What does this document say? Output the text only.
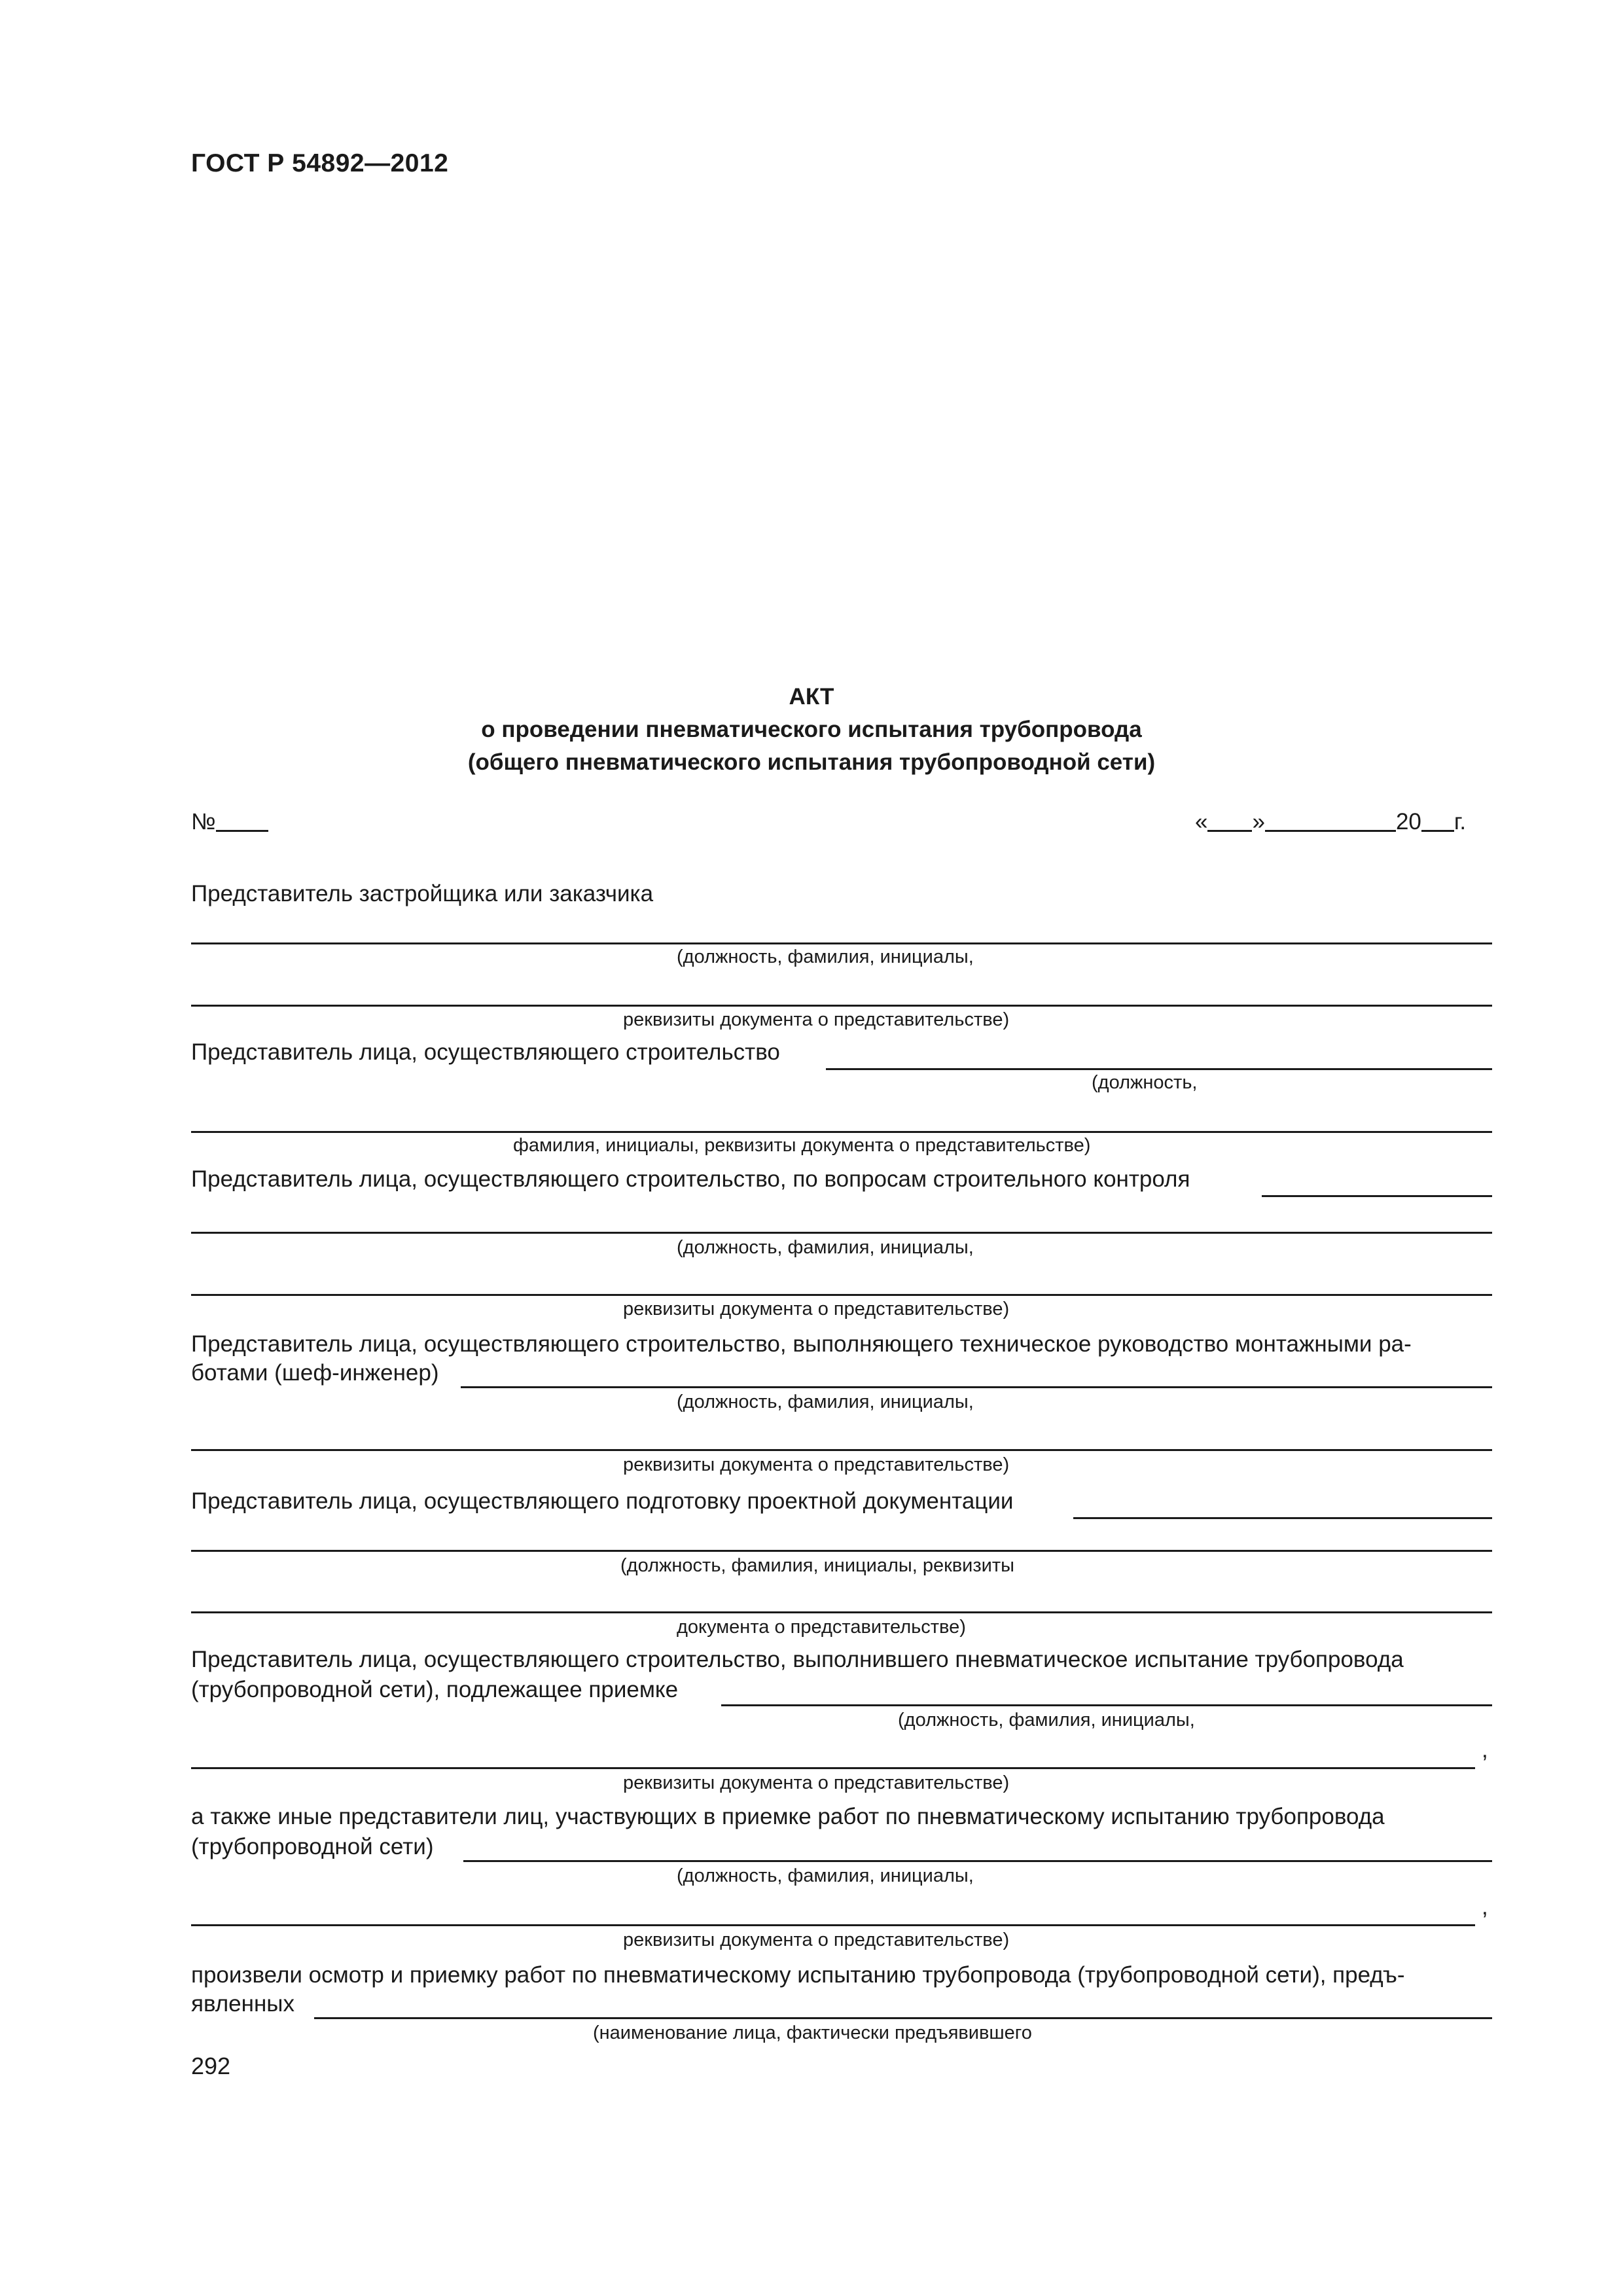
ГОСТ Р 54892—2012
АКТ
о проведении пневматического испытания трубопровода
(общего пневматического испытания трубопроводной сети)
№	« »	20 г.
Представитель застройщика или заказчика
(должность, фамилия, инициалы,
реквизиты документа о представительстве)
Представитель лица, осуществляющего строительство
(должность,
фамилия, инициалы, реквизиты документа о представительстве)
Представитель лица, осуществляющего строительство, по вопросам строительного контроля
(должность, фамилия, инициалы,
реквизиты документа о представительстве)
Представитель лица, осуществляющего строительство, выполняющего техническое руководство монтажными ра-
ботами (шеф-инженер)
(должность, фамилия, инициалы,
реквизиты документа о представительстве)
Представитель лица, осуществляющего подготовку проектной документации
(должность, фамилия, инициалы, реквизиты
документа о представительстве)
Представитель лица, осуществляющего строительство, выполнившего пневматическое испытание трубопровода
(трубопроводной сети), подлежащее приемке
(должность, фамилия, инициалы,
,
реквизиты документа о представительстве)
а также иные представители лиц, участвующих в приемке работ по пневматическому испытанию трубопровода
(трубопроводной сети)
(должность, фамилия, инициалы,
,
реквизиты документа о представительстве)
произвели осмотр и приемку работ по пневматическому испытанию трубопровода (трубопроводной сети), предъ-
явленных
(наименование лица, фактически предъявившего
292
